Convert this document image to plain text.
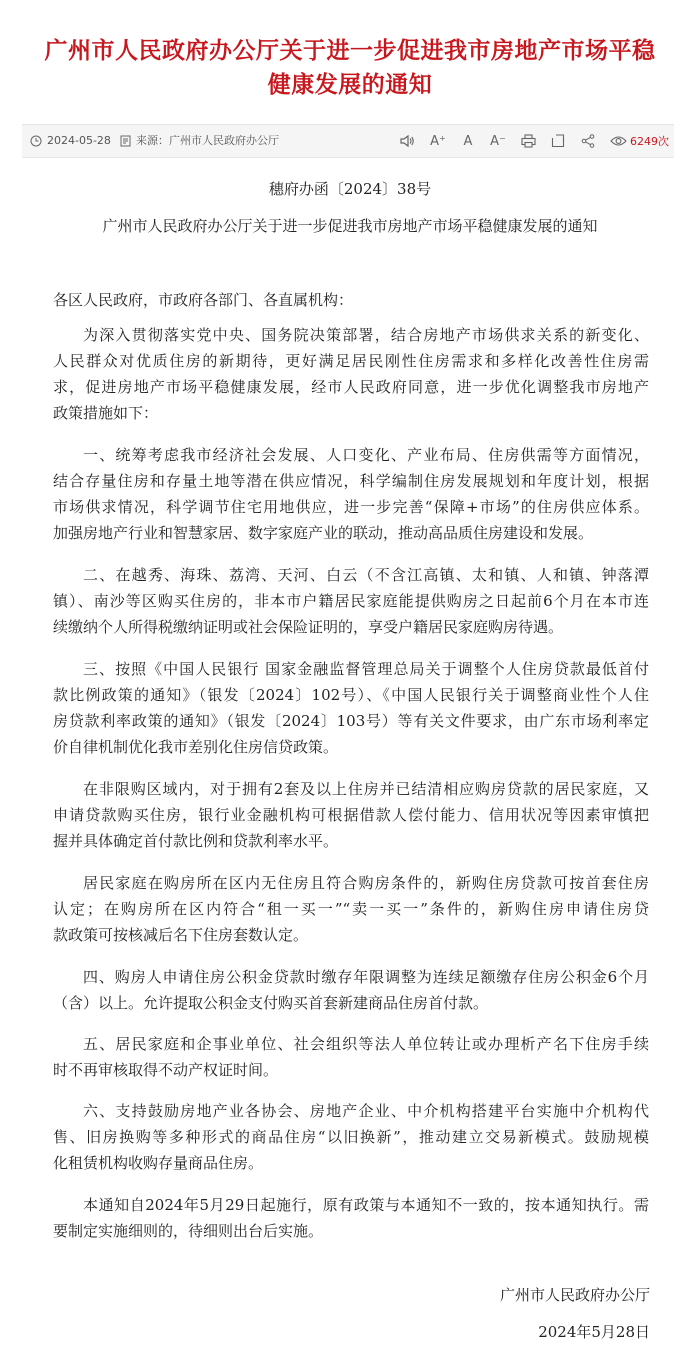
广州市人民政府办公厅关于进一步促进我市房地产市场平稳
健康发展的通知
2024-05-28 来源： 广州市人民政府办公厅	A⁺ A A⁻	6249次
穗府办函〔2024〕38号
广州市人民政府办公厅关于进一步促进我市房地产市场平稳健康发展的通知
各区人民政府，市政府各部门、各直属机构：
为深入贯彻落实党中央、国务院决策部署，结合房地产市场供求关系的新变化、
人民群众对优质住房的新期待，更好满足居民刚性住房需求和多样化改善性住房需
求，促进房地产市场平稳健康发展，经市人民政府同意，进一步优化调整我市房地产
政策措施如下：
一、统筹考虑我市经济社会发展、人口变化、产业布局、住房供需等方面情况，
结合存量住房和存量土地等潜在供应情况，科学编制住房发展规划和年度计划，根据
市场供求情况，科学调节住宅用地供应，进一步完善“保障+市场”的住房供应体系。
加强房地产行业和智慧家居、数字家庭产业的联动，推动高品质住房建设和发展。
二、在越秀、海珠、荔湾、天河、白云（不含江高镇、太和镇、人和镇、钟落潭
镇）、南沙等区购买住房的，非本市户籍居民家庭能提供购房之日起前6个月在本市连
续缴纳个人所得税缴纳证明或社会保险证明的，享受户籍居民家庭购房待遇。
三、按照《中国人民银行 国家金融监督管理总局关于调整个人住房贷款最低首付
款比例政策的通知》（银发〔2024〕102号）、《中国人民银行关于调整商业性个人住
房贷款利率政策的通知》（银发〔2024〕103号）等有关文件要求，由广东市场利率定
价自律机制优化我市差别化住房信贷政策。
在非限购区域内，对于拥有2套及以上住房并已结清相应购房贷款的居民家庭，又
申请贷款购买住房，银行业金融机构可根据借款人偿付能力、信用状况等因素审慎把
握并具体确定首付款比例和贷款利率水平。
居民家庭在购房所在区内无住房且符合购房条件的，新购住房贷款可按首套住房
认定；在购房所在区内符合“租一买一”“卖一买一”条件的，新购住房申请住房贷
款政策可按核减后名下住房套数认定。
四、购房人申请住房公积金贷款时缴存年限调整为连续足额缴存住房公积金6个月
（含）以上。允许提取公积金支付购买首套新建商品住房首付款。
五、居民家庭和企事业单位、社会组织等法人单位转让或办理析产名下住房手续
时不再审核取得不动产权证时间。
六、支持鼓励房地产业各协会、房地产企业、中介机构搭建平台实施中介机构代
售、旧房换购等多种形式的商品住房“以旧换新”，推动建立交易新模式。鼓励规模
化租赁机构收购存量商品住房。
本通知自2024年5月29日起施行，原有政策与本通知不一致的，按本通知执行。需
要制定实施细则的，待细则出台后实施。
广州市人民政府办公厅
2024年5月28日
